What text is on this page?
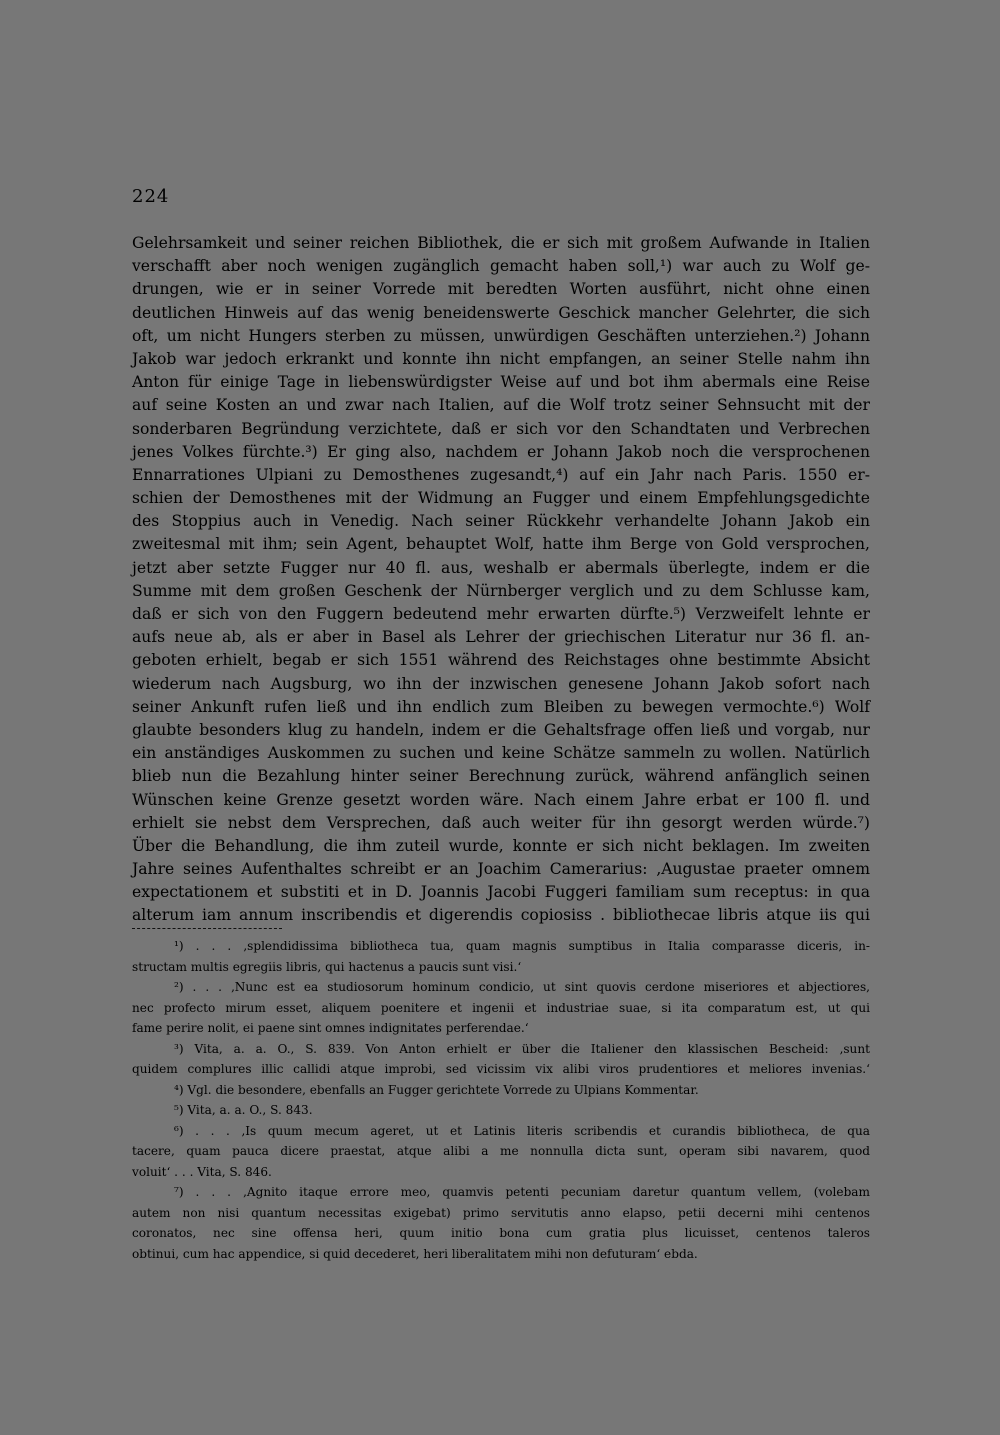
224
Gelehrsamkeit und seiner reichen Bibliothek, die er sich mit großem Aufwande in Italien
verschafft aber noch wenigen zugänglich gemacht haben soll,¹) war auch zu Wolf ge-
drungen, wie er in seiner Vorrede mit beredten Worten ausführt, nicht ohne einen
deutlichen Hinweis auf das wenig beneidenswerte Geschick mancher Gelehrter, die sich
oft, um nicht Hungers sterben zu müssen, unwürdigen Geschäften unterziehen.²) Johann
Jakob war jedoch erkrankt und konnte ihn nicht empfangen, an seiner Stelle nahm ihn
Anton für einige Tage in liebenswürdigster Weise auf und bot ihm abermals eine Reise
auf seine Kosten an und zwar nach Italien, auf die Wolf trotz seiner Sehnsucht mit der
sonderbaren Begründung verzichtete, daß er sich vor den Schandtaten und Verbrechen
jenes Volkes fürchte.³) Er ging also, nachdem er Johann Jakob noch die versprochenen
Ennarrationes Ulpiani zu Demosthenes zugesandt,⁴) auf ein Jahr nach Paris. 1550 er-
schien der Demosthenes mit der Widmung an Fugger und einem Empfehlungsgedichte
des Stoppius auch in Venedig. Nach seiner Rückkehr verhandelte Johann Jakob ein
zweitesmal mit ihm; sein Agent, behauptet Wolf, hatte ihm Berge von Gold versprochen,
jetzt aber setzte Fugger nur 40 fl. aus, weshalb er abermals überlegte, indem er die
Summe mit dem großen Geschenk der Nürnberger verglich und zu dem Schlusse kam,
daß er sich von den Fuggern bedeutend mehr erwarten dürfte.⁵) Verzweifelt lehnte er
aufs neue ab, als er aber in Basel als Lehrer der griechischen Literatur nur 36 fl. an-
geboten erhielt, begab er sich 1551 während des Reichstages ohne bestimmte Absicht
wiederum nach Augsburg, wo ihn der inzwischen genesene Johann Jakob sofort nach
seiner Ankunft rufen ließ und ihn endlich zum Bleiben zu bewegen vermochte.⁶) Wolf
glaubte besonders klug zu handeln, indem er die Gehaltsfrage offen ließ und vorgab, nur
ein anständiges Auskommen zu suchen und keine Schätze sammeln zu wollen. Natürlich
blieb nun die Bezahlung hinter seiner Berechnung zurück, während anfänglich seinen
Wünschen keine Grenze gesetzt worden wäre. Nach einem Jahre erbat er 100 fl. und
erhielt sie nebst dem Versprechen, daß auch weiter für ihn gesorgt werden würde.⁷)
Über die Behandlung, die ihm zuteil wurde, konnte er sich nicht beklagen. Im zweiten
Jahre seines Aufenthaltes schreibt er an Joachim Camerarius: ‚Augustae praeter omnem
expectationem et substiti et in D. Joannis Jacobi Fuggeri familiam sum receptus: in qua
alterum iam annum inscribendis et digerendis copiosiss . bibliothecae libris atque iis qui
¹) . . . ‚splendidissima bibliotheca tua, quam magnis sumptibus in Italia comparasse diceris, in-
structam multis egregiis libris, qui hactenus a paucis sunt visi.‘
²) . . . ‚Nunc est ea studiosorum hominum condicio, ut sint quovis cerdone miseriores et abjectiores,
nec profecto mirum esset, aliquem poenitere et ingenii et industriae suae, si ita comparatum est, ut qui
fame perire nolit, ei paene sint omnes indignitates perferendae.‘
³) Vita, a. a. O., S. 839. Von Anton erhielt er über die Italiener den klassischen Bescheid: ‚sunt
quidem complures illic callidi atque improbi, sed vicissim vix alibi viros prudentiores et meliores invenias.‘
⁴) Vgl. die besondere, ebenfalls an Fugger gerichtete Vorrede zu Ulpians Kommentar.
⁵) Vita, a. a. O., S. 843.
⁶) . . . ‚Is quum mecum ageret, ut et Latinis literis scribendis et curandis bibliotheca, de qua
tacere, quam pauca dicere praestat, atque alibi a me nonnulla dicta sunt, operam sibi navarem, quod
voluit‘ . . . Vita, S. 846.
⁷) . . . ‚Agnito itaque errore meo, quamvis petenti pecuniam daretur quantum vellem, (volebam
autem non nisi quantum necessitas exigebat) primo servitutis anno elapso, petii decerni mihi centenos
coronatos, nec sine offensa heri, quum initio bona cum gratia plus licuisset, centenos taleros
obtinui, cum hac appendice, si quid decederet, heri liberalitatem mihi non defuturam‘ ebda.
